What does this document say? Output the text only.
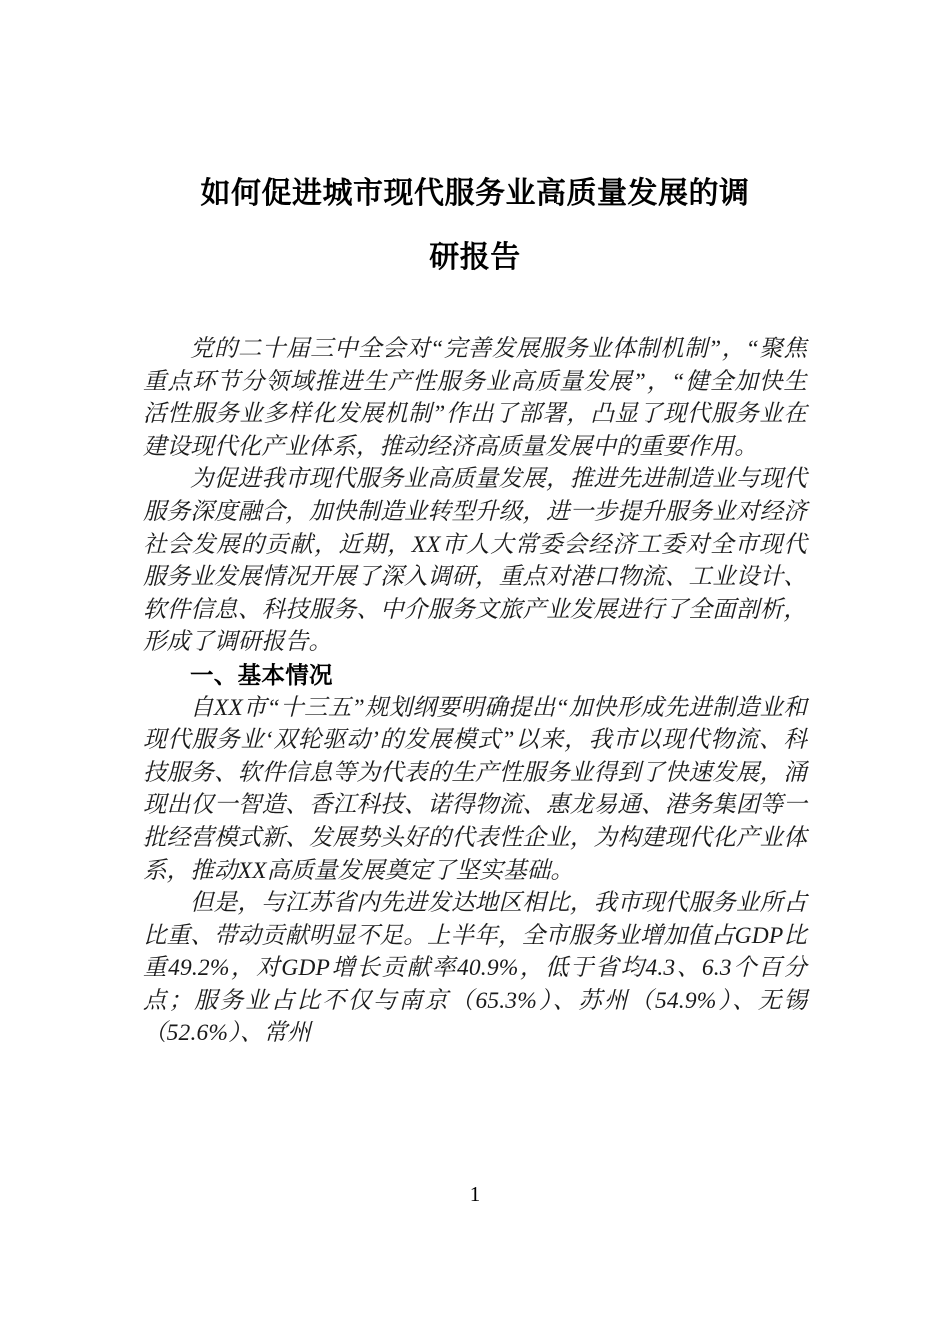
如何促进城市现代服务业高质量发展的调
研报告

党的二十届三中全会对“完善发展服务业体制机制”，“聚焦重点环节分领域推进生产性服务业高质量发展”，“健全加快生活性服务业多样化发展机制”作出了部署，凸显了现代服务业在建设现代化产业体系，推动经济高质量发展中的重要作用。

为促进我市现代服务业高质量发展，推进先进制造业与现代服务深度融合，加快制造业转型升级，进一步提升服务业对经济社会发展的贡献，近期，XX市人大常委会经济工委对全市现代服务业发展情况开展了深入调研，重点对港口物流、工业设计、软件信息、科技服务、中介服务文旅产业发展进行了全面剖析，形成了调研报告。

一、基本情况

自XX市“十三五”规划纲要明确提出“加快形成先进制造业和现代服务业‘双轮驱动’的发展模式”以来，我市以现代物流、科技服务、软件信息等为代表的生产性服务业得到了快速发展，涌现出仅一智造、香江科技、诺得物流、惠龙易通、港务集团等一批经营模式新、发展势头好的代表性企业，为构建现代化产业体系，推动XX高质量发展奠定了坚实基础。

但是，与江苏省内先进发达地区相比，我市现代服务业所占比重、带动贡献明显不足。上半年，全市服务业增加值占GDP比重49.2%，对GDP增长贡献率40.9%，低于省均4.3、6.3个百分点；服务业占比不仅与南京（65.3%）、苏州（54.9%）、无锡（52.6%）、常州

1
